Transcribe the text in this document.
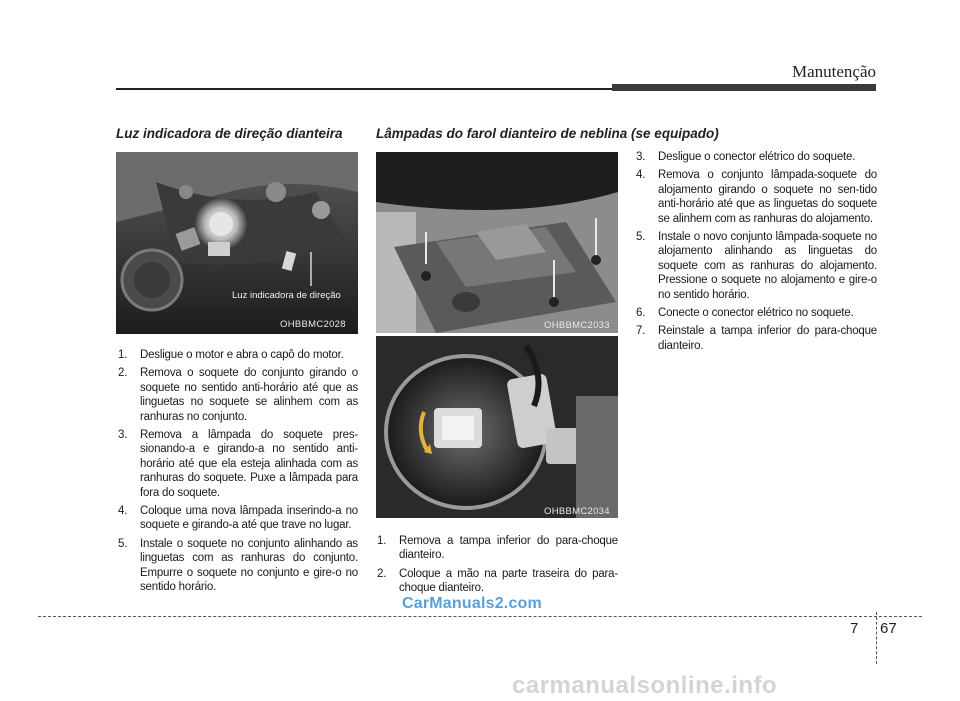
Manutenção
Luz indicadora de direção dianteira
Luz indicadora de direção
OHBBMC2028
1. Desligue o motor e abra o capô do motor.
2. Remova o soquete do conjunto girando o soquete no sentido anti-horário até que as linguetas no soquete se alinhem com as ranhuras no conjunto.
3. Remova a lâmpada do soquete pres-sionando-a e girando-a no sentido anti-horário até que ela esteja alinhada com as ranhuras do soquete. Puxe a lâmpada para fora do soquete.
4. Coloque uma nova lâmpada inserindo-a no soquete e girando-a até que trave no lugar.
5. Instale o soquete no conjunto alinhando as linguetas com as ranhuras do conjunto. Empurre o soquete no conjunto e gire-o no sentido horário.
Lâmpadas do farol dianteiro de neblina (se equipado)
OHBBMC2033
OHBBMC2034
1. Remova a tampa inferior do para-choque dianteiro.
2. Coloque a mão na parte traseira do para-choque dianteiro.
3. Desligue o conector elétrico do soquete.
4. Remova o conjunto lâmpada-soquete do alojamento girando o soquete no sen-tido anti-horário até que as linguetas do soquete se alinhem com as ranhuras do alojamento.
5. Instale o novo conjunto lâmpada-soquete no alojamento alinhando as linguetas do soquete com as ranhuras do alojamento. Pressione o soquete no alojamento e gire-o no sentido horário.
6. Conecte o conector elétrico no soquete.
7. Reinstale a tampa inferior do para-choque dianteiro.
CarManuals2.com
7 67
carmanualsonline.info
